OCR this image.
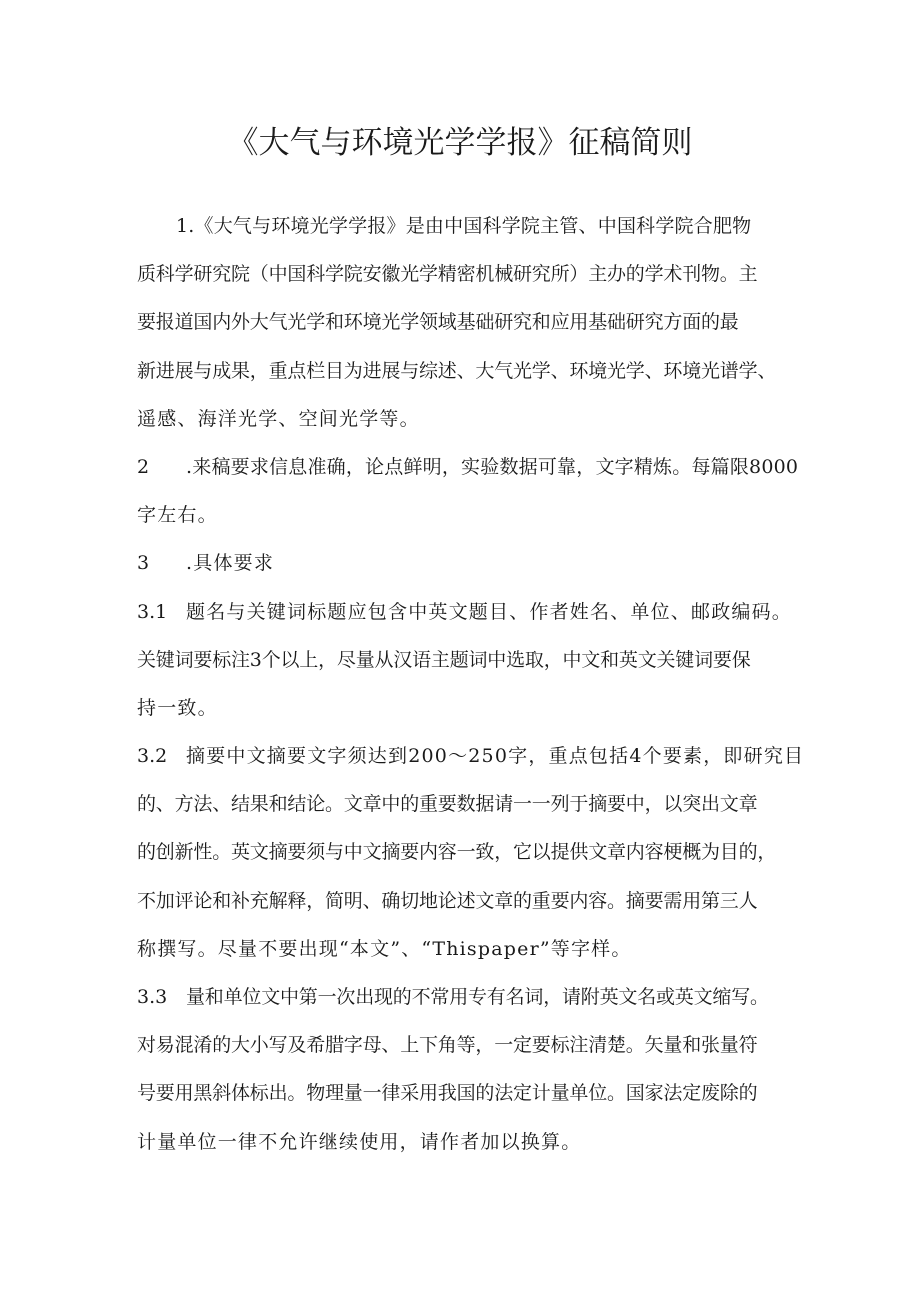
《大气与环境光学学报》征稿简则
1.《大气与环境光学学报》是由中国科学院主管、中国科学院合肥物
质科学研究院（中国科学院安徽光学精密机械研究所）主办的学术刊物。主
要报道国内外大气光学和环境光学领域基础研究和应用基础研究方面的最
新进展与成果，重点栏目为进展与综述、大气光学、环境光学、环境光谱学、
遥感、海洋光学、空间光学等。
2 .来稿要求信息准确，论点鲜明，实验数据可靠，文字精炼。每篇限8000
字左右。
3 .具体要求
3.1 题名与关键词标题应包含中英文题目、作者姓名、单位、邮政编码。
关键词要标注3个以上，尽量从汉语主题词中选取，中文和英文关键词要保
持一致。
3.2 摘要中文摘要文字须达到200～250字，重点包括4个要素，即研究目
的、方法、结果和结论。文章中的重要数据请一一列于摘要中，以突出文章
的创新性。英文摘要须与中文摘要内容一致，它以提供文章内容梗概为目的，
不加评论和补充解释，简明、确切地论述文章的重要内容。摘要需用第三人
称撰写。尽量不要出现“本文”、“Thispaper”等字样。
3.3 量和单位文中第一次出现的不常用专有名词，请附英文名或英文缩写。
对易混淆的大小写及希腊字母、上下角等，一定要标注清楚。矢量和张量符
号要用黑斜体标出。物理量一律采用我国的法定计量单位。国家法定废除的
计量单位一律不允许继续使用，请作者加以换算。
